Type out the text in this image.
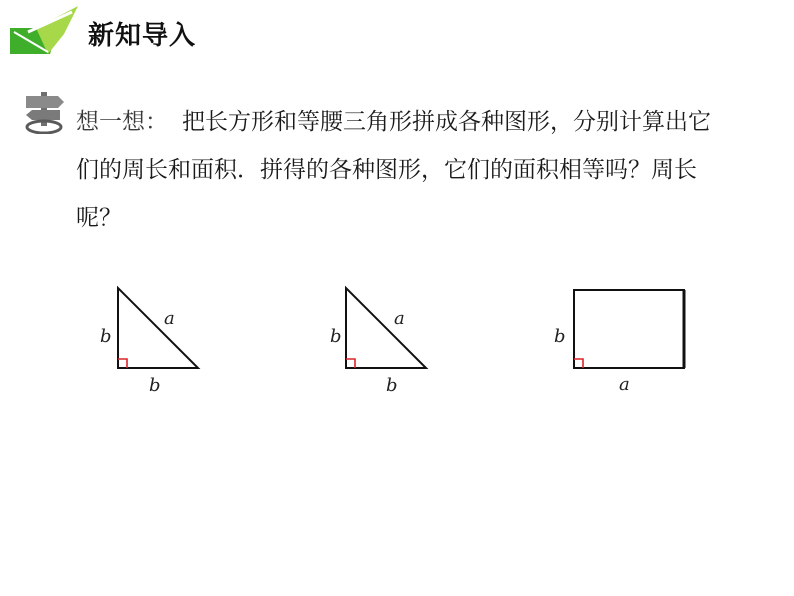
新知导入
想一想： 把长方形和等腰三角形拼成各种图形，分别计算出它们的周长和面积．拼得的各种图形，它们的面积相等吗？周长呢？
b
b
a
b
b
a
b
a
